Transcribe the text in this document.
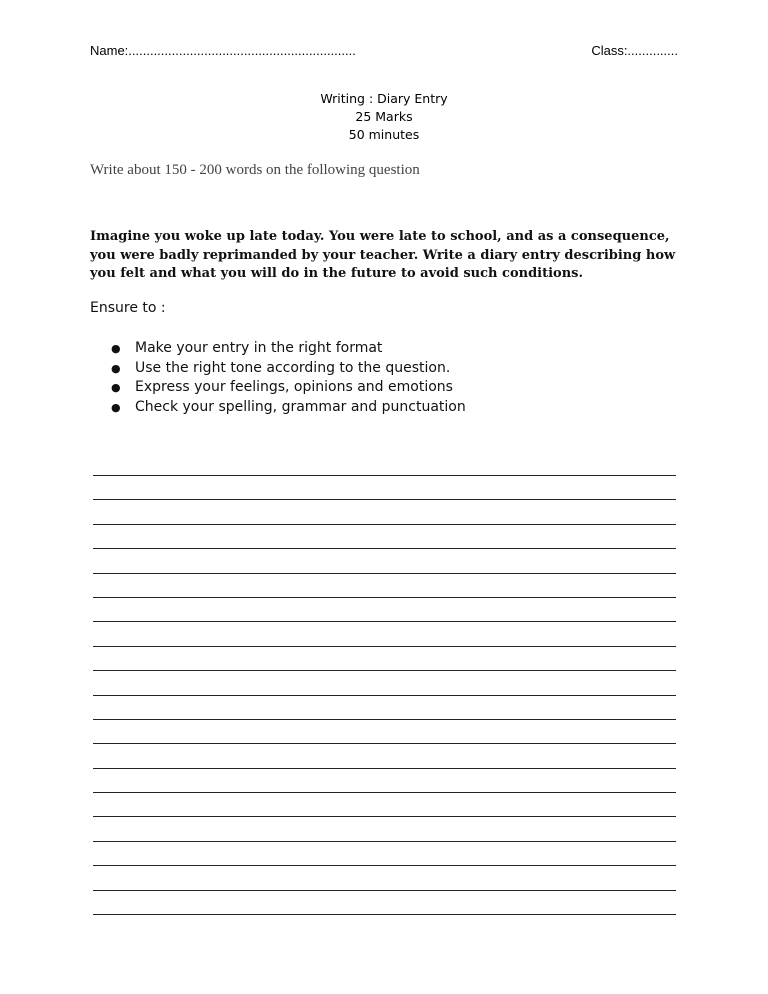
Name:...............................................................	Class:..............
Writing : Diary Entry
25 Marks
50 minutes
Write about 150 - 200 words on the following question
Imagine you woke up late today. You were late to school, and as a consequence, you were badly reprimanded by your teacher. Write a diary entry describing how you felt and what you will do in the future to avoid such conditions.
Ensure to :
● Make your entry in the right format
● Use the right tone according to the question.
● Express your feelings, opinions and emotions
● Check your spelling, grammar and punctuation
